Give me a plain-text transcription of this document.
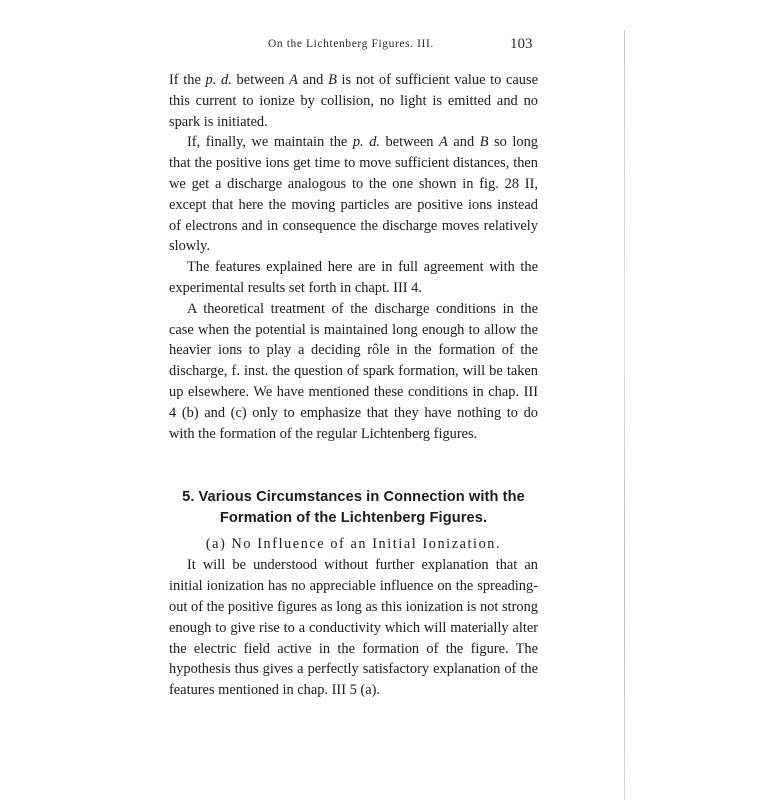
On the Lichtenberg Figures. III.	103

If the p. d. between A and B is not of sufficient value to cause this current to ionize by collision, no light is emitted and no spark is initiated.

If, finally, we maintain the p. d. between A and B so long that the positive ions get time to move sufficient distances, then we get a discharge analogous to the one shown in fig. 28 II, except that here the moving particles are positive ions instead of electrons and in consequence the discharge moves relatively slowly.

The features explained here are in full agreement with the experimental results set forth in chapt. III 4.

A theoretical treatment of the discharge conditions in the case when the potential is maintained long enough to allow the heavier ions to play a deciding rôle in the formation of the discharge, f. inst. the question of spark formation, will be taken up elsewhere. We have mentioned these conditions in chap. III 4 (b) and (c) only to emphasize that they have nothing to do with the formation of the regular Lichtenberg figures.

5. Various Circumstances in Connection with the Formation of the Lichtenberg Figures.

(a) No Influence of an Initial Ionization.

It will be understood without further explanation that an initial ionization has no appreciable influence on the spreading-out of the positive figures as long as this ionization is not strong enough to give rise to a conductivity which will materially alter the electric field active in the formation of the figure. The hypothesis thus gives a perfectly satisfactory explanation of the features mentioned in chap. III 5 (a).
